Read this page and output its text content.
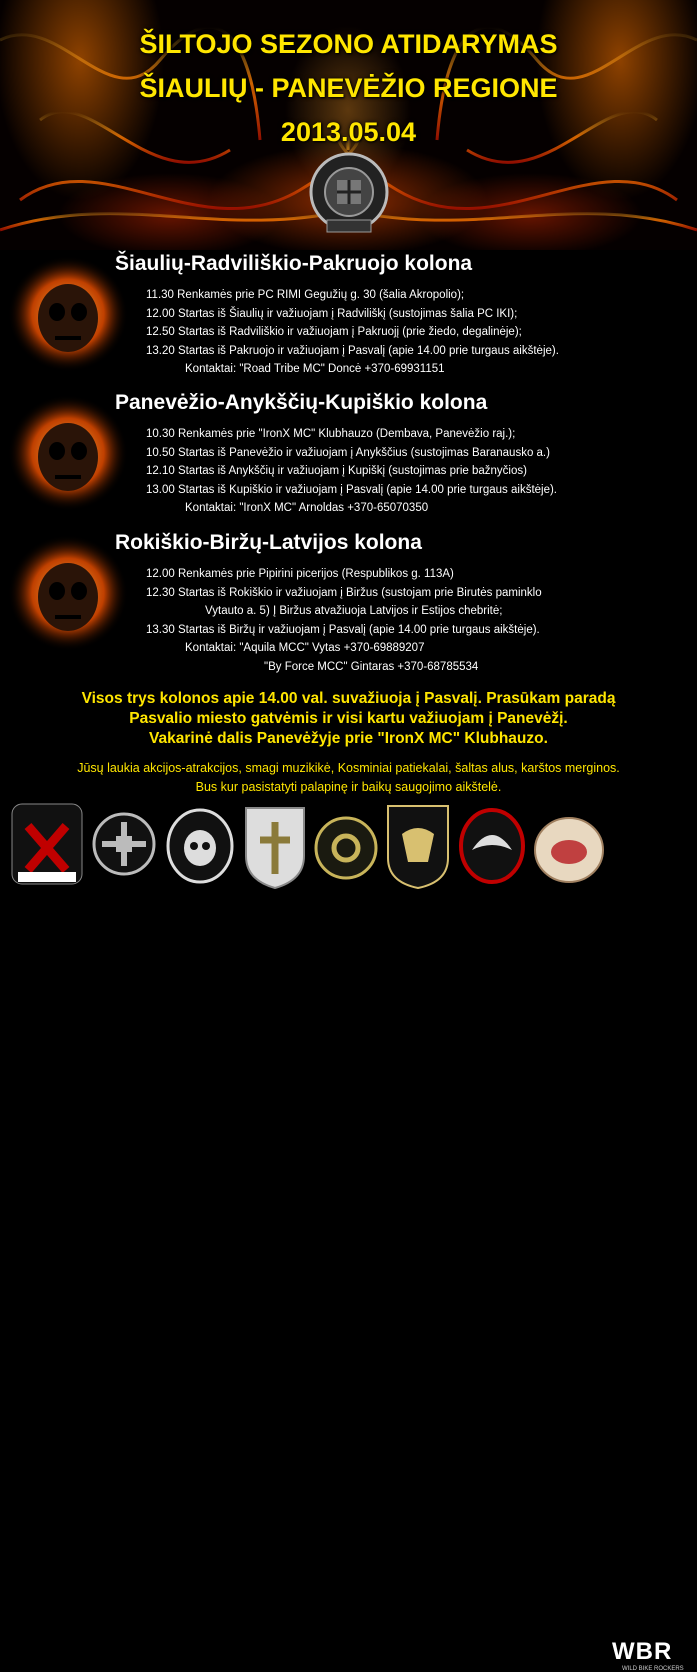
ŠILTOJO SEZONO ATIDARYMAS
ŠIAULIŲ - PANEVĖŽIO REGIONE
2013.05.04
Šiaulių-Radviliškio-Pakruojo kolona
11.30 Renkamės prie PC RIMI Gegužių g. 30 (šalia Akropolio);
12.00 Startas iš Šiaulių ir važiuojam į Radviliškį (sustojimas šalia PC IKI);
12.50 Startas iš Radviliškio ir važiuojam į Pakruojį (prie žiedo, degalinėje);
13.20 Startas iš Pakruojo ir važiuojam į Pasvalį (apie 14.00 prie turgaus aikštėje).
Kontaktai: "Road Tribe MC" Doncė +370-69931151
Panevėžio-Anykščių-Kupiškio kolona
10.30 Renkamės prie "IronX MC" Klubhauzo (Dembava, Panevėžio raj.);
10.50 Startas iš Panevėžio ir važiuojam į Anykščius (sustojimas Baranausko a.)
12.10 Startas iš Anykščių ir važiuojam į Kupiškį (sustojimas prie bažnyčios)
13.00 Startas iš Kupiškio ir važiuojam į Pasvalį (apie 14.00 prie turgaus aikštėje).
Kontaktai: "IronX MC" Arnoldas +370-65070350
Rokiškio-Biržų-Latvijos kolona
12.00 Renkamės prie Pipirini picerijos (Respublikos g. 113A)
12.30 Startas iš Rokiškio ir važiuojam į Biržus (sustojam prie Birutės paminklo
Vytauto a. 5) Į Biržus atvažiuoja Latvijos ir Estijos chebritė;
13.30 Startas iš Biržų ir važiuojam į Pasvalį (apie 14.00 prie turgaus aikštėje).
Kontaktai: "Aquila MCC" Vytas +370-69889207
"By Force MCC" Gintaras +370-68785534
Visos trys kolonos apie 14.00 val. suvažiuoja į Pasvalį. Prasūkam paradą
Pasvalio miesto gatvėmis ir visi kartu važiuojam į Panevėžį.
Vakarinė dalis Panevėžyje prie "IronX MC" Klubhauzo.
Jūsų laukia akcijos-atrakcijos, smagi muzikikė, Kosminiai patiekalai, šaltas alus, karštos merginos.
Bus kur pasistatyti palapinę ir baikų saugojimo aikštelė.
WBR
WILD BIKE ROCKERS
